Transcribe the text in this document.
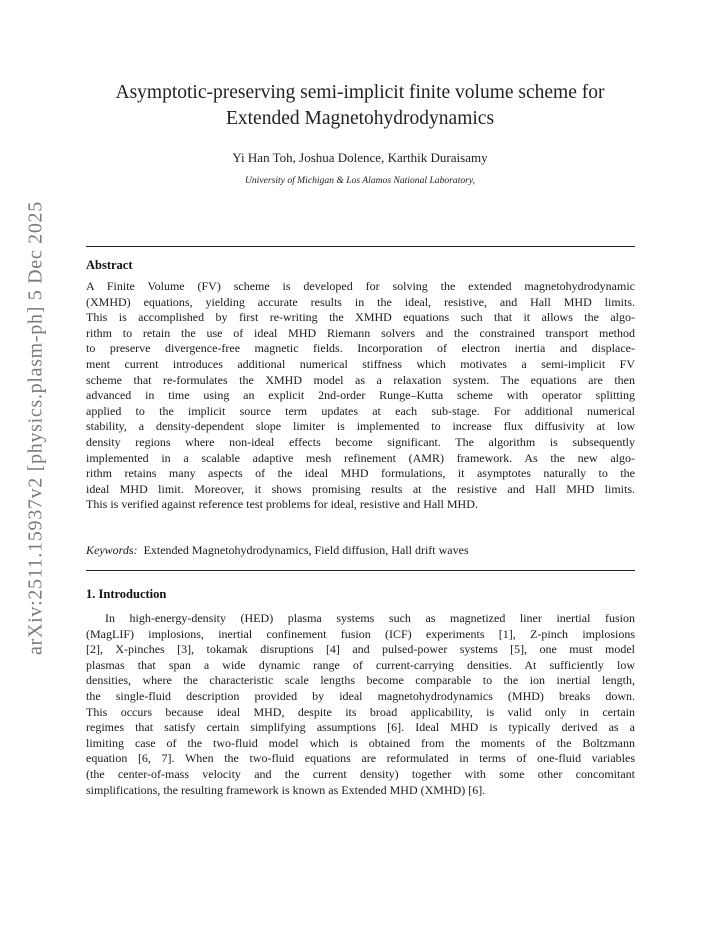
arXiv:2511.15937v2 [physics.plasm-ph] 5 Dec 2025
Asymptotic-preserving semi-implicit finite volume scheme for
Extended Magnetohydrodynamics
Yi Han Toh, Joshua Dolence, Karthik Duraisamy
University of Michigan & Los Alamos National Laboratory,
Abstract
A Finite Volume (FV) scheme is developed for solving the extended magnetohydrodynamic
(XMHD) equations, yielding accurate results in the ideal, resistive, and Hall MHD limits.
This is accomplished by first re-writing the XMHD equations such that it allows the algo-
rithm to retain the use of ideal MHD Riemann solvers and the constrained transport method
to preserve divergence-free magnetic fields. Incorporation of electron inertia and displace-
ment current introduces additional numerical stiffness which motivates a semi-implicit FV
scheme that re-formulates the XMHD model as a relaxation system. The equations are then
advanced in time using an explicit 2nd-order Runge–Kutta scheme with operator splitting
applied to the implicit source term updates at each sub-stage. For additional numerical
stability, a density-dependent slope limiter is implemented to increase flux diffusivity at low
density regions where non-ideal effects become significant. The algorithm is subsequently
implemented in a scalable adaptive mesh refinement (AMR) framework. As the new algo-
rithm retains many aspects of the ideal MHD formulations, it asymptotes naturally to the
ideal MHD limit. Moreover, it shows promising results at the resistive and Hall MHD limits.
This is verified against reference test problems for ideal, resistive and Hall MHD.
Keywords: Extended Magnetohydrodynamics, Field diffusion, Hall drift waves
1. Introduction
In high-energy-density (HED) plasma systems such as magnetized liner inertial fusion
(MagLIF) implosions, inertial confinement fusion (ICF) experiments [1], Z-pinch implosions
[2], X-pinches [3], tokamak disruptions [4] and pulsed-power systems [5], one must model
plasmas that span a wide dynamic range of current-carrying densities. At sufficiently low
densities, where the characteristic scale lengths become comparable to the ion inertial length,
the single-fluid description provided by ideal magnetohydrodynamics (MHD) breaks down.
This occurs because ideal MHD, despite its broad applicability, is valid only in certain
regimes that satisfy certain simplifying assumptions [6]. Ideal MHD is typically derived as a
limiting case of the two-fluid model which is obtained from the moments of the Boltzmann
equation [6, 7]. When the two-fluid equations are reformulated in terms of one-fluid variables
(the center-of-mass velocity and the current density) together with some other concomitant
simplifications, the resulting framework is known as Extended MHD (XMHD) [6].
